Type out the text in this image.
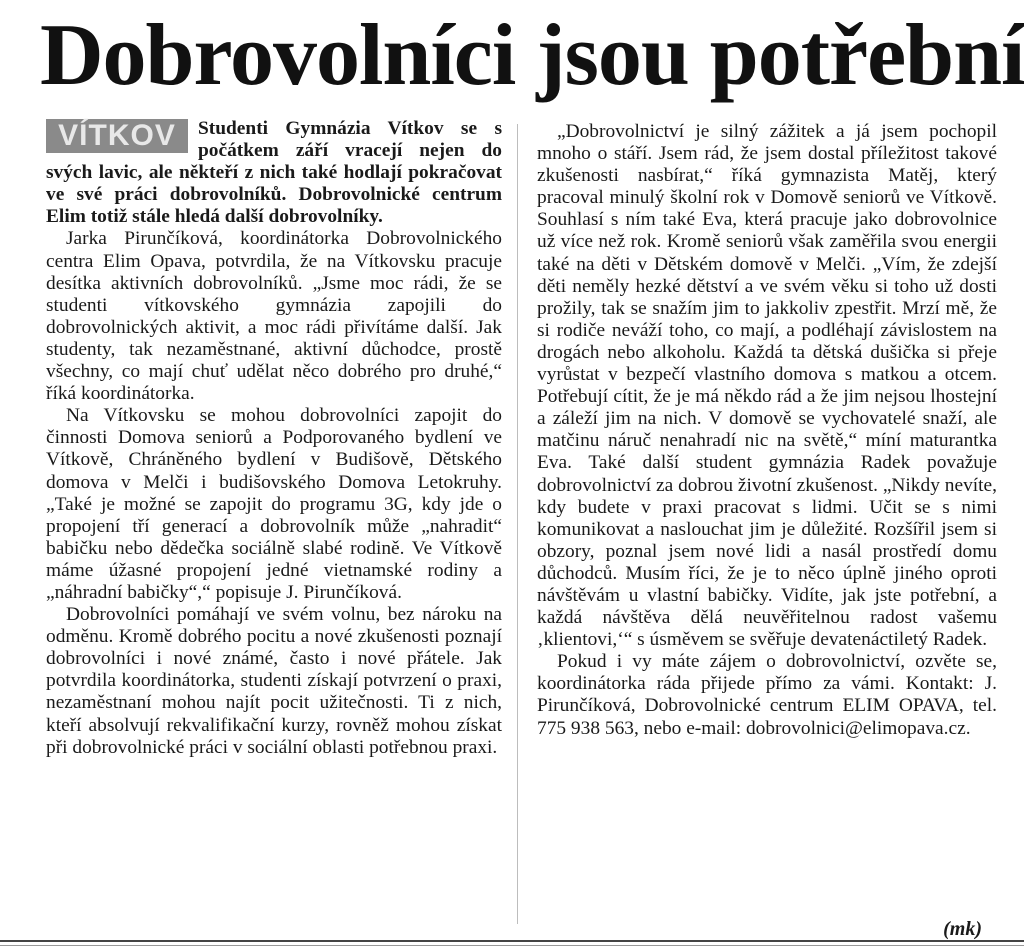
Dobrovolníci jsou potřební

VÍTKOV	Studenti Gymnázia Vítkov se s počátkem září vracejí nejen do svých lavic, ale někteří z nich také hodlají pokračovat ve své práci dobrovolníků. Dobrovolnické centrum Elim totiž stále hledá další dobrovolníky.

Jarka Pirunčíková, koordinátorka Dobrovolnického centra Elim Opava, potvrdila, že na Vítkovsku pracuje desítka aktivních dobrovolníků. „Jsme moc rádi, že se studenti vítkovského gymnázia zapojili do dobrovolnických aktivit, a moc rádi přivítáme další. Jak studenty, tak nezaměstnané, aktivní důchodce, prostě všechny, co mají chuť udělat něco dobrého pro druhé,“ říká koordinátorka.

Na Vítkovsku se mohou dobrovolníci zapojit do činnosti Domova seniorů a Podporovaného bydlení ve Vítkově, Chráněného bydlení v Budišově, Dětského domova v Melči i budišovského Domova Letokruhy. „Také je možné se zapojit do programu 3G, kdy jde o propojení tří generací a dobrovolník může „nahradit“ babičku nebo dědečka sociálně slabé rodině. Ve Vítkově máme úžasné propojení jedné vietnamské rodiny a „náhradní babičky“,“ popisuje J. Pirunčíková.

Dobrovolníci pomáhají ve svém volnu, bez nároku na odměnu. Kromě dobrého pocitu a nové zkušenosti poznají dobrovolníci i nové známé, často i nové přátele. Jak potvrdila koordinátorka, studenti získají potvrzení o praxi, nezaměstnaní mohou najít pocit užitečnosti. Ti z nich, kteří absolvují rekvalifikační kurzy, rovněž mohou získat při dobrovolnické práci v sociální oblasti potřebnou praxi.

„Dobrovolnictví je silný zážitek a já jsem pochopil mnoho o stáří. Jsem rád, že jsem dostal příležitost takové zkušenosti nasbírat,“ říká gymnazista Matěj, který pracoval minulý školní rok v Domově seniorů ve Vítkově. Souhlasí s ním také Eva, která pracuje jako dobrovolnice už více než rok. Kromě seniorů však zaměřila svou energii také na děti v Dětském domově v Melči. „Vím, že zdejší děti neměly hezké dětství a ve svém věku si toho už dosti prožily, tak se snažím jim to jakkoliv zpestřit. Mrzí mě, že si rodiče neváží toho, co mají, a podléhají závislostem na drogách nebo alkoholu. Každá ta dětská dušička si přeje vyrůstat v bezpečí vlastního domova s matkou a otcem. Potřebují cítit, že je má někdo rád a že jim nejsou lhostejní a záleží jim na nich. V domově se vychovatelé snaží, ale matčinu náruč nenahradí nic na světě,“ míní maturantka Eva. Také další student gymnázia Radek považuje dobrovolnictví za dobrou životní zkušenost. „Nikdy nevíte, kdy budete v praxi pracovat s lidmi. Učit se s nimi komunikovat a naslouchat jim je důležité. Rozšířil jsem si obzory, poznal jsem nové lidi a nasál prostředí domu důchodců. Musím říci, že je to něco úplně jiného oproti návštěvám u vlastní babičky. Vidíte, jak jste potřební, a každá návštěva dělá neuvěřitelnou radost vašemu ‚klientovi,‘“ s úsměvem se svěřuje devatenáctiletý Radek.

Pokud i vy máte zájem o dobrovolnictví, ozvěte se, koordinátorka ráda přijede přímo za vámi. Kontakt: J. Pirunčíková, Dobrovolnické centrum ELIM OPAVA, tel. 775 938 563, nebo e-mail: dobrovolnici@elimopava.cz.

(mk)
